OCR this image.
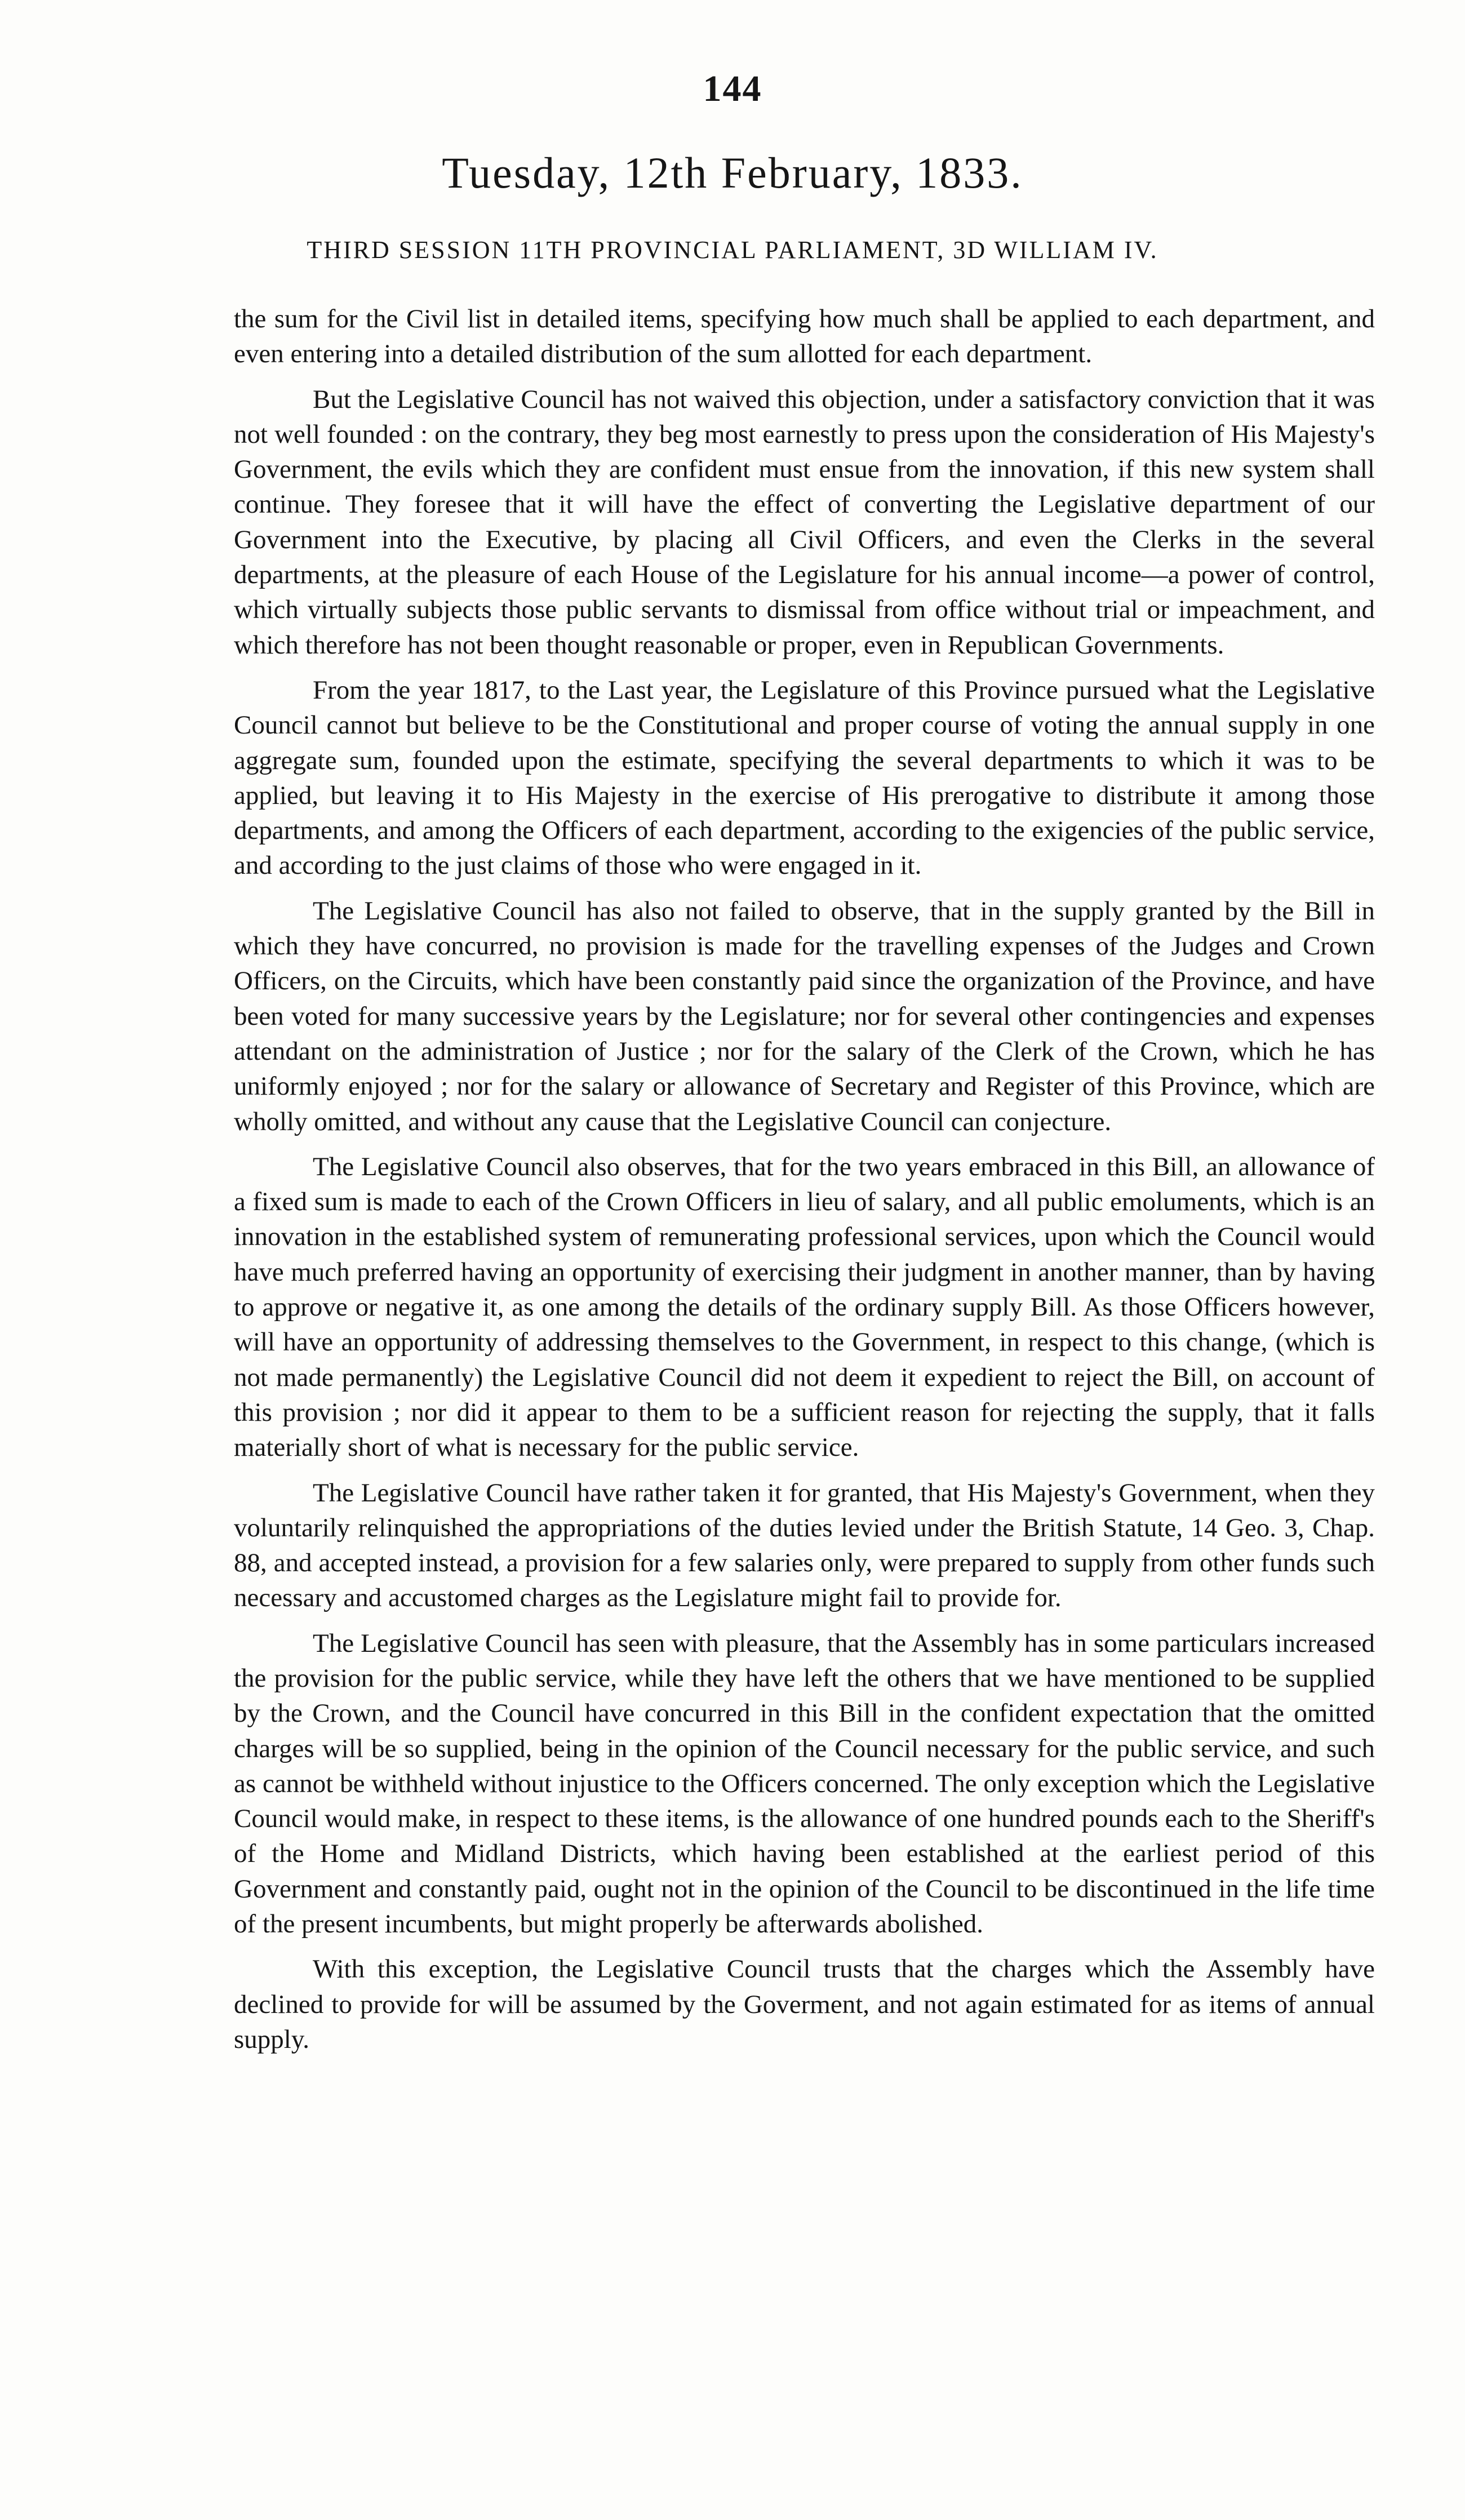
144
Tuesday, 12th February, 1833.
THIRD SESSION 11TH PROVINCIAL PARLIAMENT, 3D WILLIAM IV.

the sum for the Civil list in detailed items, specifying how much shall be applied to each department, and even entering into a detailed distribution of the sum allotted for each department.

But the Legislative Council has not waived this objection, under a satisfactory conviction that it was not well founded : on the contrary, they beg most earnestly to press upon the consideration of His Majesty's Government, the evils which they are confident must ensue from the innovation, if this new system shall continue. They foresee that it will have the effect of converting the Legislative department of our Government into the Executive, by placing all Civil Officers, and even the Clerks in the several departments, at the pleasure of each House of the Legislature for his annual income—a power of control, which virtually subjects those public servants to dismissal from office without trial or impeachment, and which therefore has not been thought reasonable or proper, even in Republican Governments.

From the year 1817, to the Last year, the Legislature of this Province pursued what the Legislative Council cannot but believe to be the Constitutional and proper course of voting the annual supply in one aggregate sum, founded upon the estimate, specifying the several departments to which it was to be applied, but leaving it to His Majesty in the exercise of His prerogative to distribute it among those departments, and among the Officers of each department, according to the exigencies of the public service, and according to the just claims of those who were engaged in it.

The Legislative Council has also not failed to observe, that in the supply granted by the Bill in which they have concurred, no provision is made for the travelling expenses of the Judges and Crown Officers, on the Circuits, which have been constantly paid since the organization of the Province, and have been voted for many successive years by the Legislature; nor for several other contingencies and expenses attendant on the administration of Justice ; nor for the salary of the Clerk of the Crown, which he has uniformly enjoyed ; nor for the salary or allowance of Secretary and Register of this Province, which are wholly omitted, and without any cause that the Legislative Council can conjecture.

The Legislative Council also observes, that for the two years embraced in this Bill, an allowance of a fixed sum is made to each of the Crown Officers in lieu of salary, and all public emoluments, which is an innovation in the established system of remunerating professional services, upon which the Council would have much preferred having an opportunity of exercising their judgment in another manner, than by having to approve or negative it, as one among the details of the ordinary supply Bill. As those Officers however, will have an opportunity of addressing themselves to the Government, in respect to this change, (which is not made permanently) the Legislative Council did not deem it expedient to reject the Bill, on account of this provision ; nor did it appear to them to be a sufficient reason for rejecting the supply, that it falls materially short of what is necessary for the public service.

The Legislative Council have rather taken it for granted, that His Majesty's Government, when they voluntarily relinquished the appropriations of the duties levied under the British Statute, 14 Geo. 3, Chap. 88, and accepted instead, a provision for a few salaries only, were prepared to supply from other funds such necessary and accustomed charges as the Legislature might fail to provide for.

The Legislative Council has seen with pleasure, that the Assembly has in some particulars increased the provision for the public service, while they have left the others that we have mentioned to be supplied by the Crown, and the Council have concurred in this Bill in the confident expectation that the omitted charges will be so supplied, being in the opinion of the Council necessary for the public service, and such as cannot be withheld without injustice to the Officers concerned. The only exception which the Legislative Council would make, in respect to these items, is the allowance of one hundred pounds each to the Sheriff's of the Home and Midland Districts, which having been established at the earliest period of this Government and constantly paid, ought not in the opinion of the Council to be discontinued in the life time of the present incumbents, but might properly be afterwards abolished.

With this exception, the Legislative Council trusts that the charges which the Assembly have declined to provide for will be assumed by the Goverment, and not again estimated for as items of annual supply.
